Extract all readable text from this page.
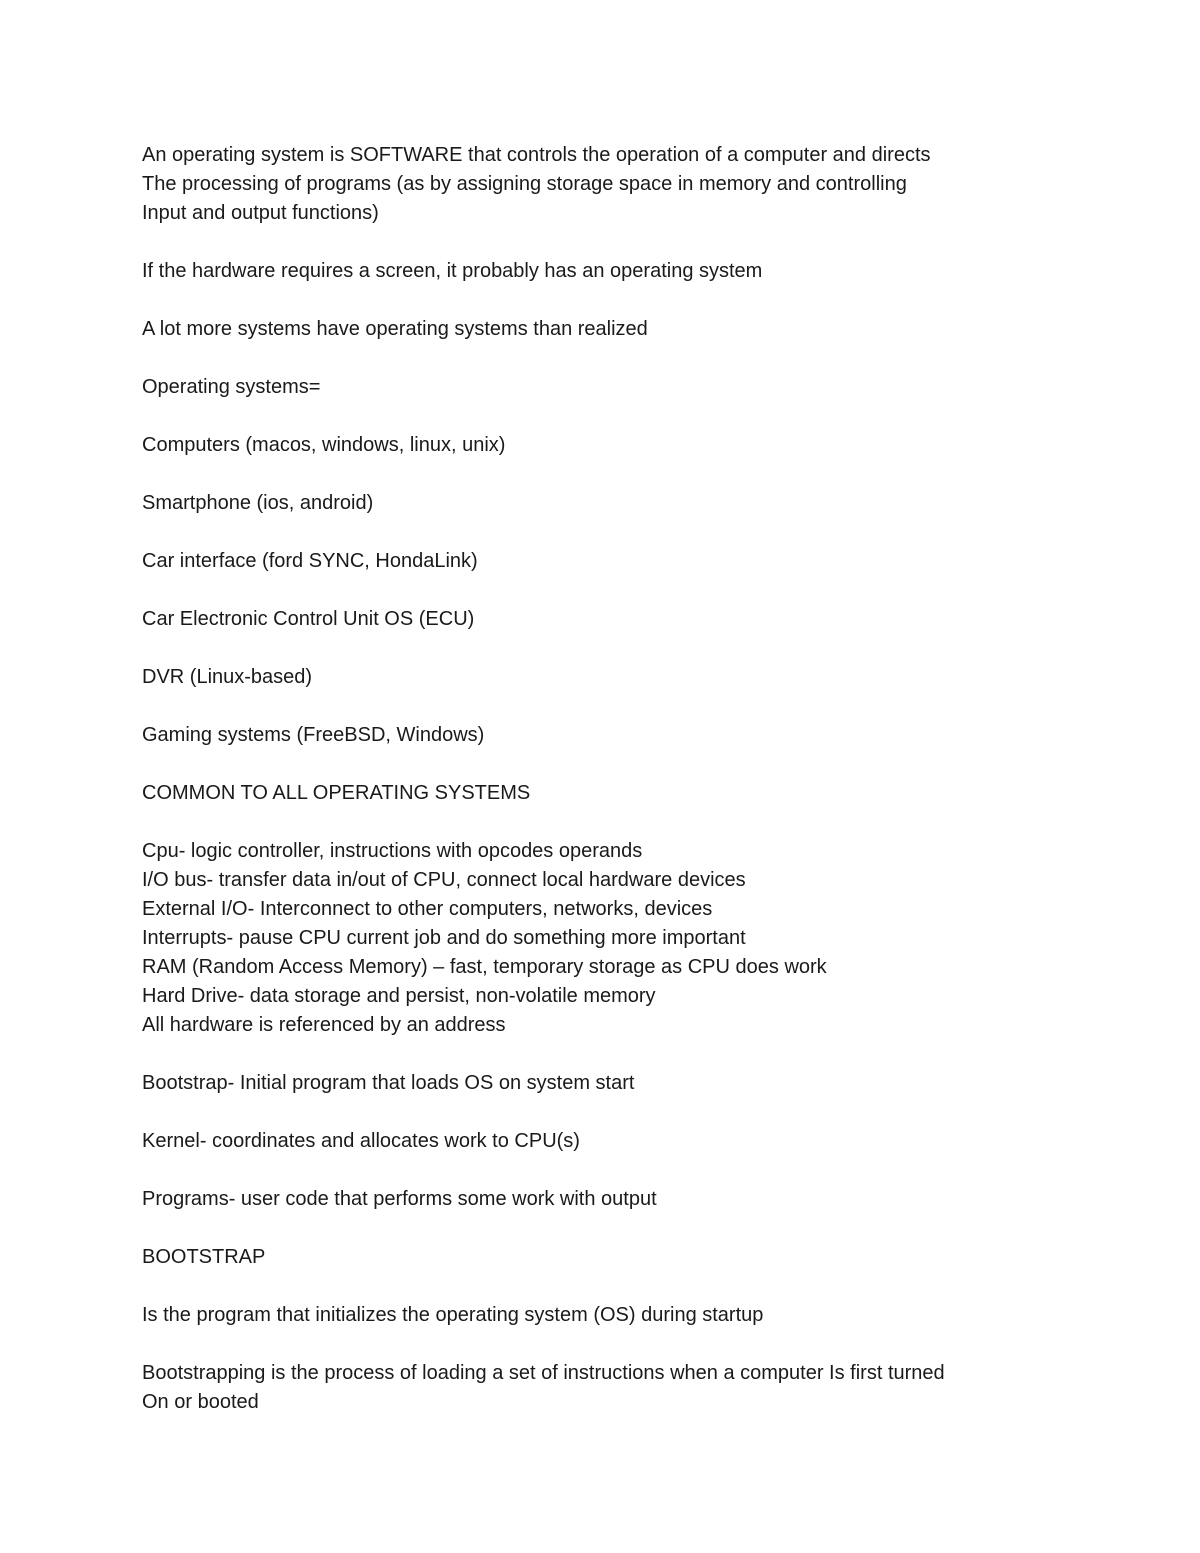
An operating system is SOFTWARE that controls the operation of a computer and directs
The processing of programs (as by assigning storage space in memory and controlling
Input and output functions)

If the hardware requires a screen, it probably has an operating system

A lot more systems have operating systems than realized

Operating systems=

Computers (macos, windows, linux, unix)

Smartphone (ios, android)

Car interface (ford SYNC, HondaLink)

Car Electronic Control Unit OS (ECU)

DVR (Linux-based)

Gaming systems (FreeBSD, Windows)

COMMON TO ALL OPERATING SYSTEMS

Cpu- logic controller, instructions with opcodes operands
I/O bus- transfer data in/out of CPU, connect local hardware devices
External I/O- Interconnect to other computers, networks, devices
Interrupts- pause CPU current job and do something more important
RAM (Random Access Memory) – fast, temporary storage as CPU does work
Hard Drive- data storage and persist, non-volatile memory
All hardware is referenced by an address

Bootstrap- Initial program that loads OS on system start

Kernel- coordinates and allocates work to CPU(s)

Programs- user code that performs some work with output

BOOTSTRAP

Is the program that initializes the operating system (OS) during startup

Bootstrapping is the process of loading a set of instructions when a computer Is first turned
On or booted
